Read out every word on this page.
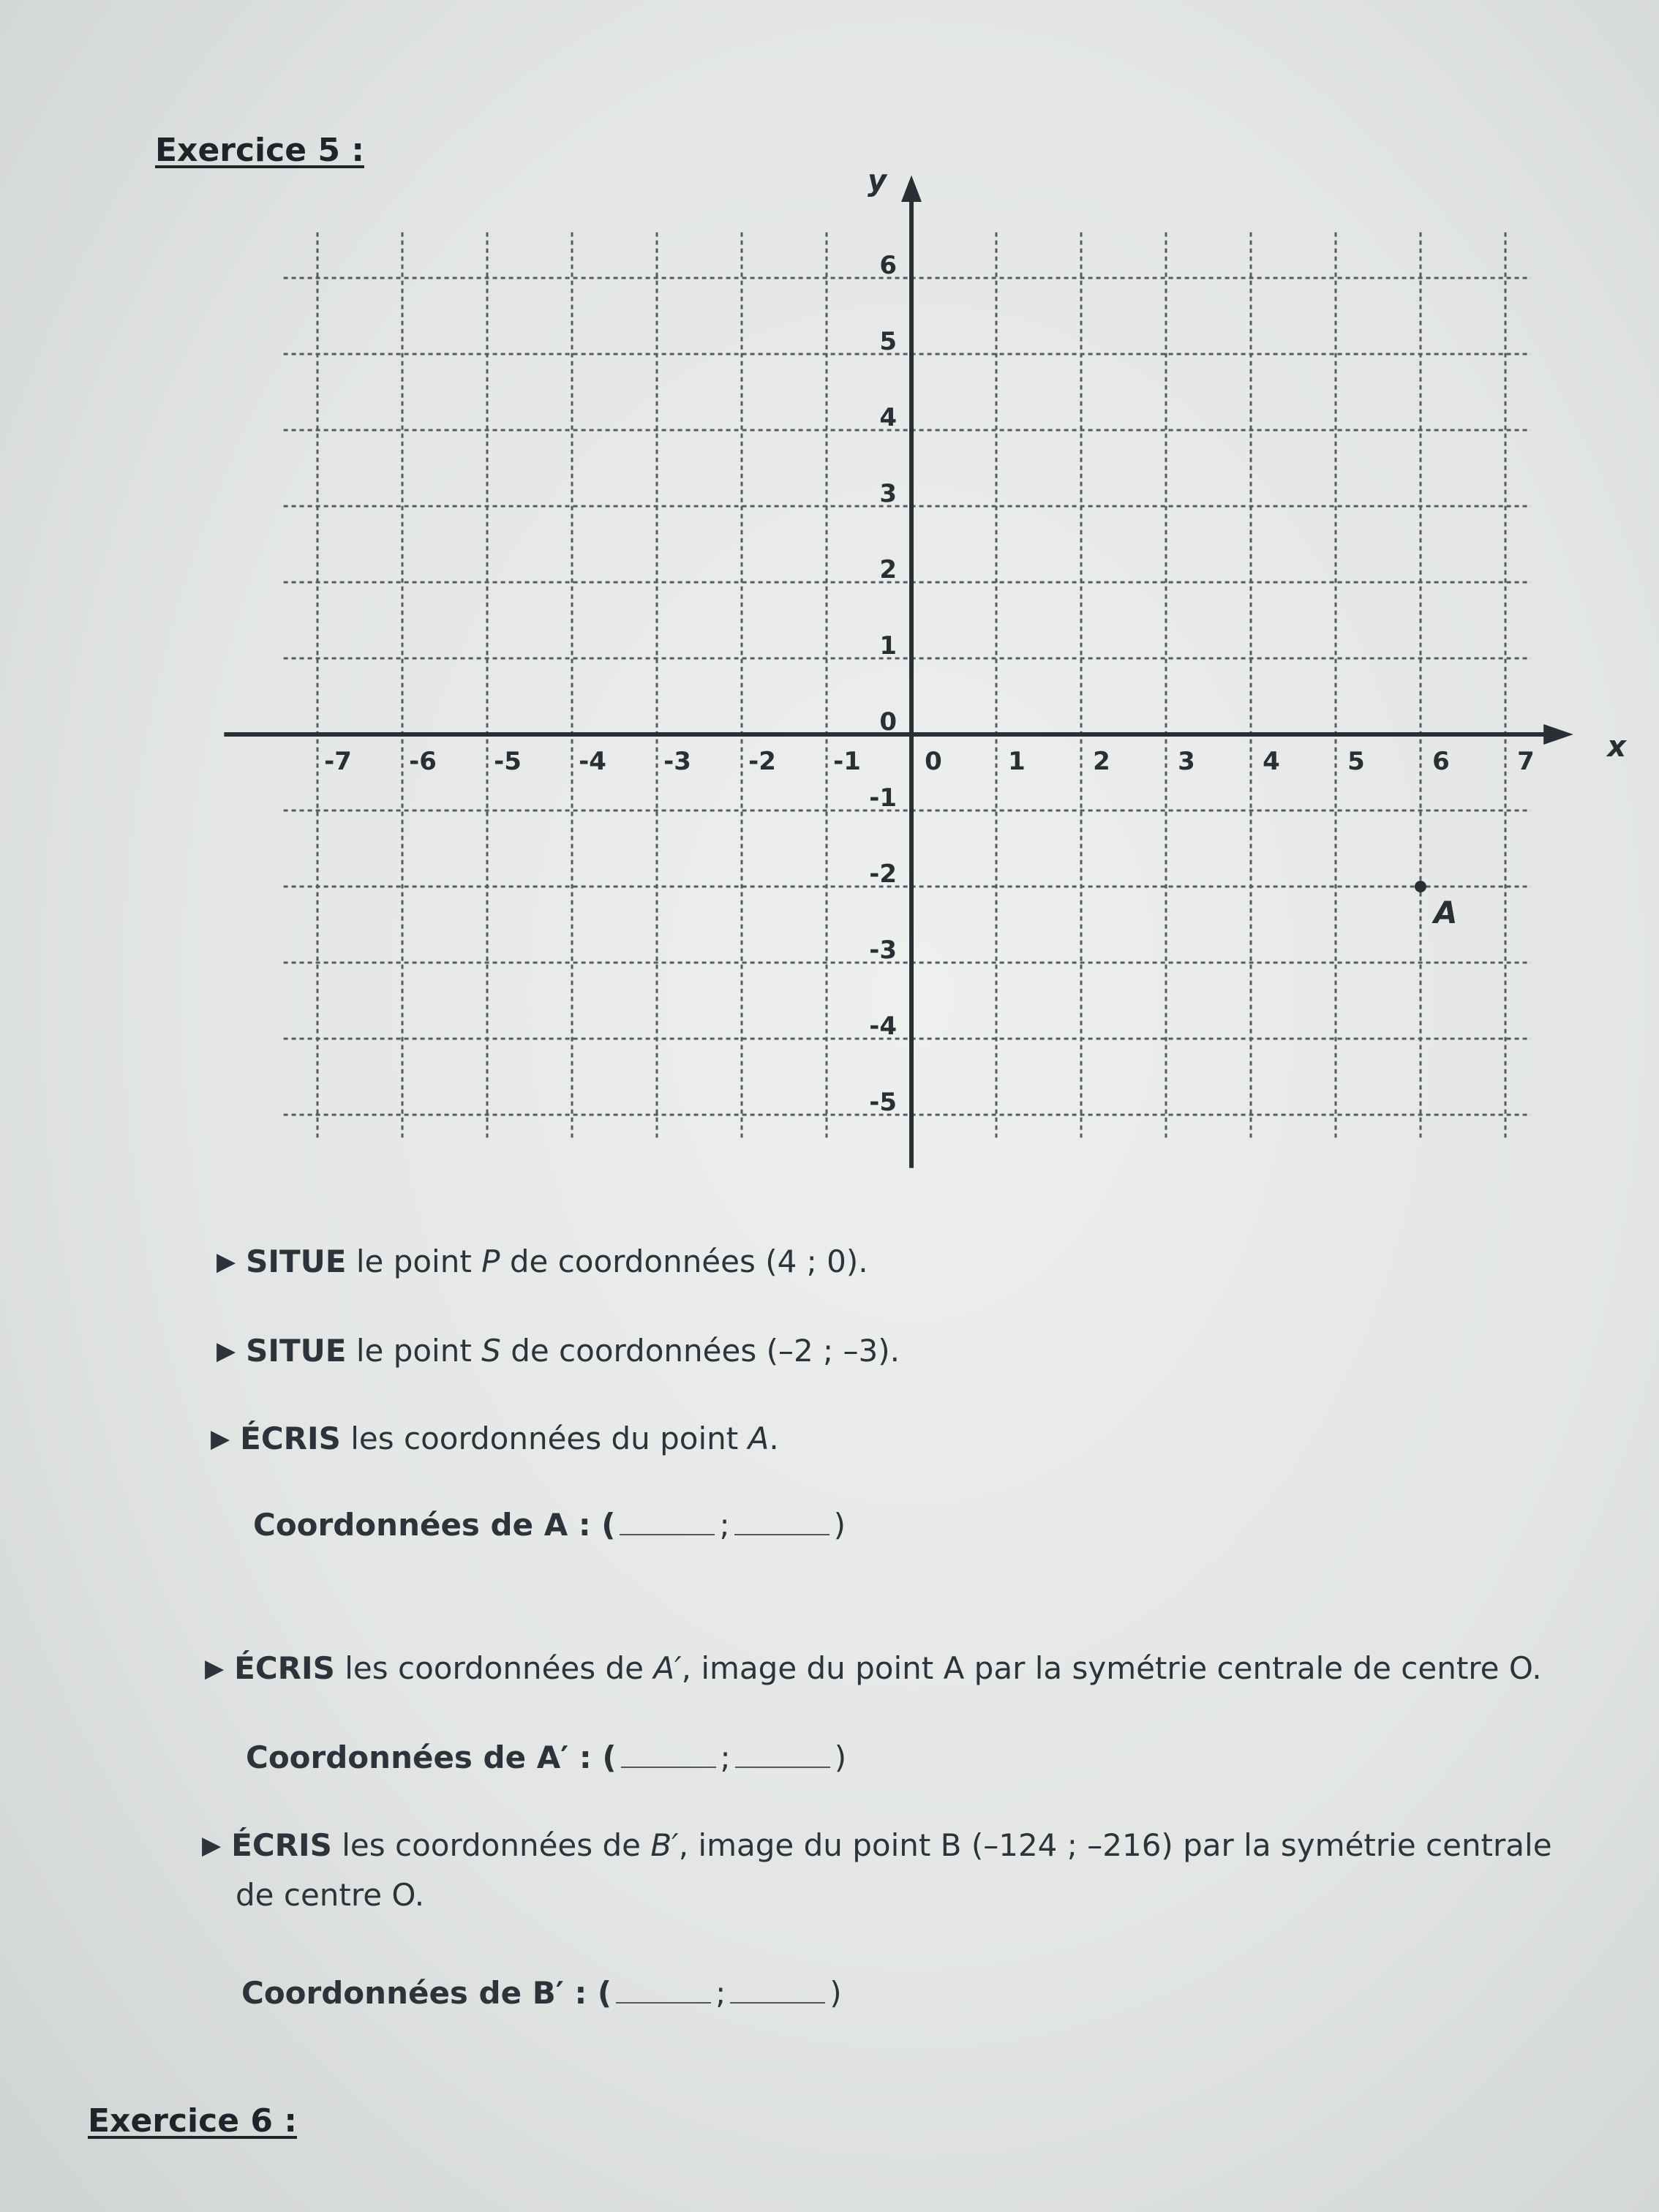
Exercice 5 :
x
y
-7 -6 -5 -4 -3 -2 -1	0	1	2	3	4	5	6	7
6
5
4
3
2
1
0
-1
-2
-3
-4
-5
A
▶ SITUE le point P de coordonnées (4 ; 0).
▶ SITUE le point S de coordonnées (–2 ; –3).
▶ ÉCRIS les coordonnées du point A.
Coordonnées de A : (	;	)
▶ ÉCRIS les coordonnées de A′, image du point A par la symétrie centrale de centre O.
Coordonnées de A′ : (	;	)
▶ ÉCRIS les coordonnées de B′, image du point B (–124 ; –216) par la symétrie centrale
de centre O.
Coordonnées de B′ : (	;	)
Exercice 6 :
